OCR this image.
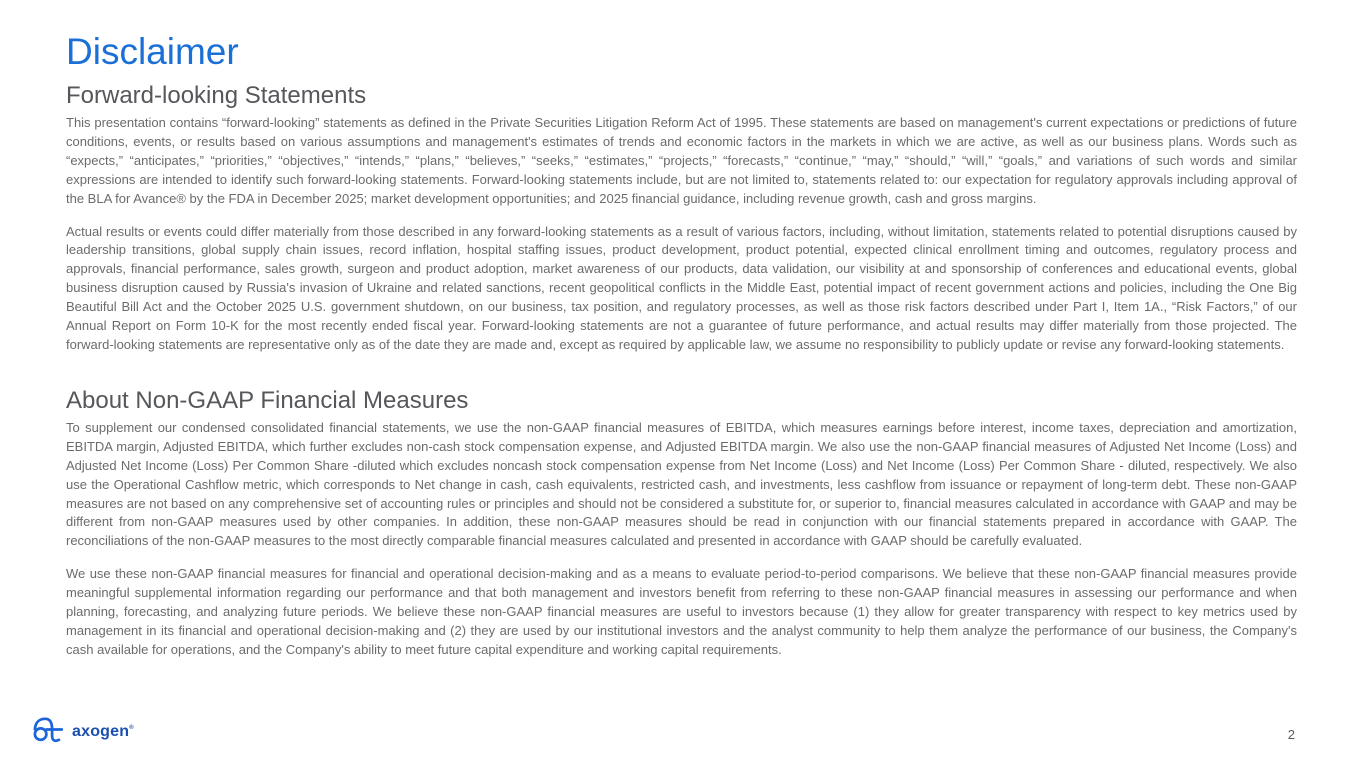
Disclaimer
Forward-looking Statements

This presentation contains “forward-looking” statements as defined in the Private Securities Litigation Reform Act of 1995. These statements are based on management's current expectations or predictions of future conditions, events, or results based on various assumptions and management's estimates of trends and economic factors in the markets in which we are active, as well as our business plans. Words such as “expects,” “anticipates,” “priorities,” “objectives,” “intends,” “plans,” “believes,” “seeks,” “estimates,” “projects,” “forecasts,” “continue,” “may,” “should,” “will,” “goals,” and variations of such words and similar expressions are intended to identify such forward-looking statements. Forward-looking statements include, but are not limited to, statements related to: our expectation for regulatory approvals including approval of the BLA for Avance® by the FDA in December 2025; market development opportunities; and 2025 financial guidance, including revenue growth, cash and gross margins.

Actual results or events could differ materially from those described in any forward-looking statements as a result of various factors, including, without limitation, statements related to potential disruptions caused by leadership transitions, global supply chain issues, record inflation, hospital staffing issues, product development, product potential, expected clinical enrollment timing and outcomes, regulatory process and approvals, financial performance, sales growth, surgeon and product adoption, market awareness of our products, data validation, our visibility at and sponsorship of conferences and educational events, global business disruption caused by Russia's invasion of Ukraine and related sanctions, recent geopolitical conflicts in the Middle East, potential impact of recent government actions and policies, including the One Big Beautiful Bill Act and the October 2025 U.S. government shutdown, on our business, tax position, and regulatory processes, as well as those risk factors described under Part I, Item 1A., “Risk Factors,” of our Annual Report on Form 10-K for the most recently ended fiscal year. Forward-looking statements are not a guarantee of future performance, and actual results may differ materially from those projected. The forward-looking statements are representative only as of the date they are made and, except as required by applicable law, we assume no responsibility to publicly update or revise any forward-looking statements.

About Non-GAAP Financial Measures

To supplement our condensed consolidated financial statements, we use the non-GAAP financial measures of EBITDA, which measures earnings before interest, income taxes, depreciation and amortization, EBITDA margin, Adjusted EBITDA, which further excludes non-cash stock compensation expense, and Adjusted EBITDA margin. We also use the non-GAAP financial measures of Adjusted Net Income (Loss) and Adjusted Net Income (Loss) Per Common Share -diluted which excludes noncash stock compensation expense from Net Income (Loss) and Net Income (Loss) Per Common Share - diluted, respectively. We also use the Operational Cashflow metric, which corresponds to Net change in cash, cash equivalents, restricted cash, and investments, less cashflow from issuance or repayment of long-term debt. These non-GAAP measures are not based on any comprehensive set of accounting rules or principles and should not be considered a substitute for, or superior to, financial measures calculated in accordance with GAAP and may be different from non-GAAP measures used by other companies. In addition, these non-GAAP measures should be read in conjunction with our financial statements prepared in accordance with GAAP. The reconciliations of the non-GAAP measures to the most directly comparable financial measures calculated and presented in accordance with GAAP should be carefully evaluated.

We use these non-GAAP financial measures for financial and operational decision-making and as a means to evaluate period-to-period comparisons. We believe that these non-GAAP financial measures provide meaningful supplemental information regarding our performance and that both management and investors benefit from referring to these non-GAAP financial measures in assessing our performance and when planning, forecasting, and analyzing future periods. We believe these non-GAAP financial measures are useful to investors because (1) they allow for greater transparency with respect to key metrics used by management in its financial and operational decision-making and (2) they are used by our institutional investors and the analyst community to help them analyze the performance of our business, the Company's cash available for operations, and the Company's ability to meet future capital expenditure and working capital requirements.

axogen®	2
